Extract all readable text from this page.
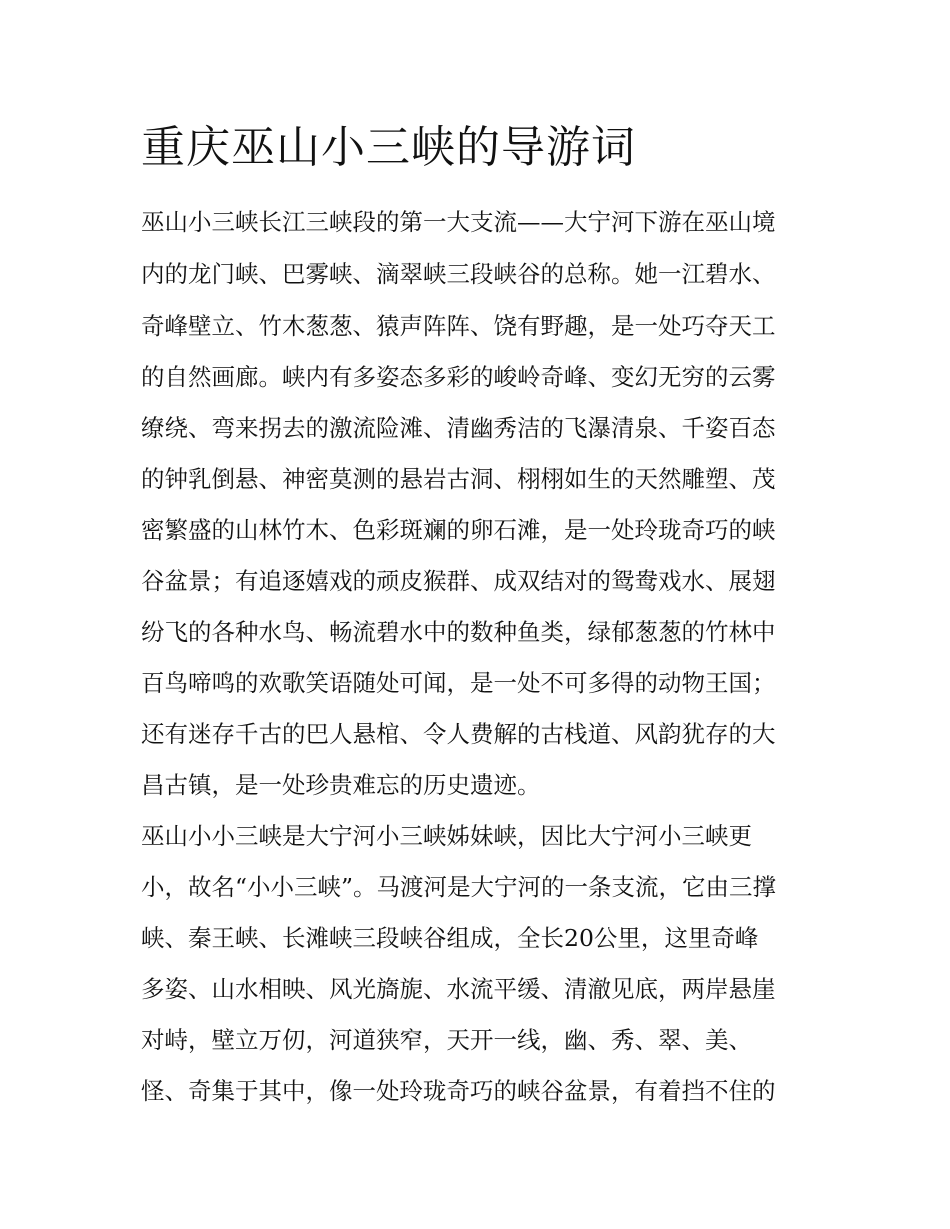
重庆巫山小三峡的导游词

巫山小三峡长江三峡段的第一大支流——大宁河下游在巫山境

内的龙门峡、巴雾峡、滴翠峡三段峡谷的总称。她一江碧水、

奇峰壁立、竹木葱葱、猿声阵阵、饶有野趣，是一处巧夺天工

的自然画廊。峡内有多姿态多彩的峻岭奇峰、变幻无穷的云雾

缭绕、弯来拐去的激流险滩、清幽秀洁的飞瀑清泉、千姿百态

的钟乳倒悬、神密莫测的悬岩古洞、栩栩如生的天然雕塑、茂

密繁盛的山林竹木、色彩斑斓的卵石滩，是一处玲珑奇巧的峡

谷盆景；有追逐嬉戏的顽皮猴群、成双结对的鸳鸯戏水、展翅

纷飞的各种水鸟、畅流碧水中的数种鱼类，绿郁葱葱的竹林中

百鸟啼鸣的欢歌笑语随处可闻，是一处不可多得的动物王国；

还有迷存千古的巴人悬棺、令人费解的古栈道、风韵犹存的大

昌古镇，是一处珍贵难忘的历史遗迹。

巫山小小三峡是大宁河小三峡姊妹峡，因比大宁河小三峡更

小，故名“小小三峡”。马渡河是大宁河的一条支流，它由三撑

峡、秦王峡、长滩峡三段峡谷组成，全长20公里，这里奇峰

多姿、山水相映、风光旖旎、水流平缓、清澈见底，两岸悬崖

对峙，壁立万仞，河道狭窄，天开一线，幽、秀、翠、美、

怪、奇集于其中，像一处玲珑奇巧的峡谷盆景，有着挡不住的
